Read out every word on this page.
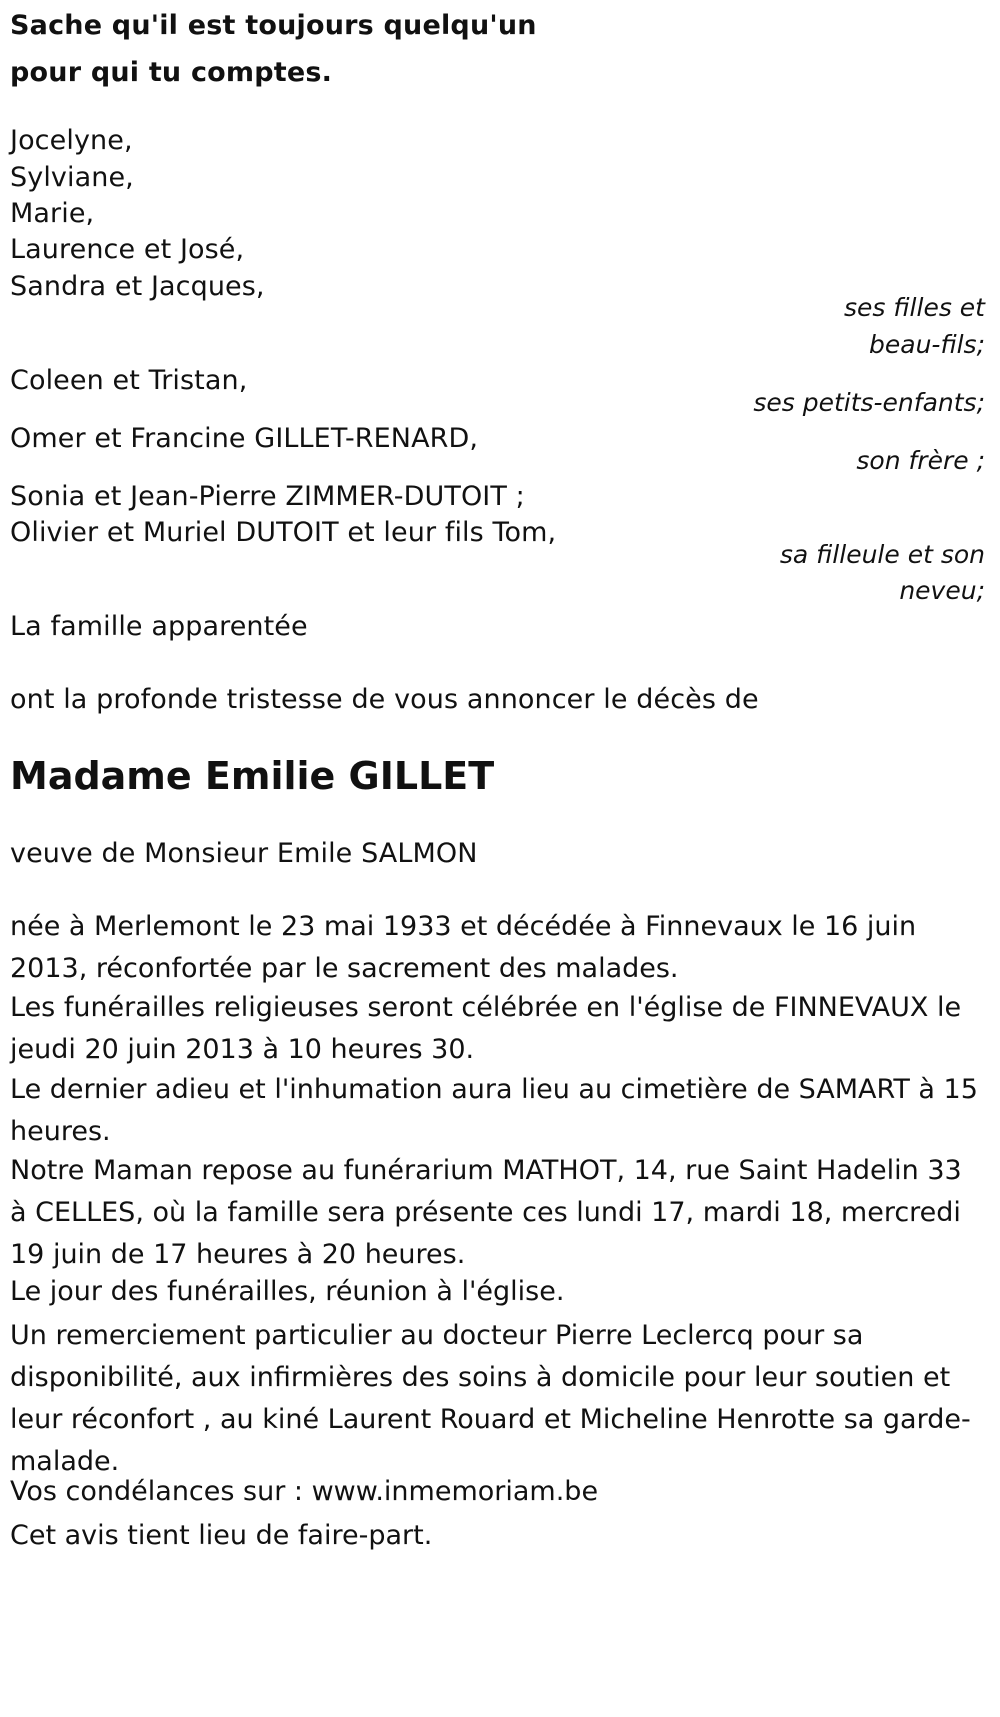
Sache qu'il est toujours quelqu'un
pour qui tu comptes.
Jocelyne,
Sylviane,
Marie,
Laurence et José,
Sandra et Jacques,
ses filles et
beau-fils;
Coleen et Tristan,
ses petits-enfants;
Omer et Francine GILLET-RENARD,
son frère ;
Sonia et Jean-Pierre ZIMMER-DUTOIT ;
Olivier et Muriel DUTOIT et leur fils Tom,
sa filleule et son
neveu;
La famille apparentée
ont la profonde tristesse de vous annoncer le décès de
Madame Emilie GILLET
veuve de Monsieur Emile SALMON
née à Merlemont le 23 mai 1933 et décédée à Finnevaux le 16 juin 2013, réconfortée par le sacrement des malades.
Les funérailles religieuses seront célébrée en l'église de FINNEVAUX le jeudi 20 juin 2013 à 10 heures 30.
Le dernier adieu et l'inhumation aura lieu au cimetière de SAMART à 15 heures.
Notre Maman repose au funérarium MATHOT, 14, rue Saint Hadelin 33 à CELLES, où la famille sera présente ces lundi 17, mardi 18, mercredi 19 juin de 17 heures à 20 heures.
Le jour des funérailles, réunion à l'église.
Un remerciement particulier au docteur Pierre Leclercq pour sa disponibilité, aux infirmières des soins à domicile pour leur soutien et leur réconfort , au kiné Laurent Rouard et Micheline Henrotte sa garde-malade.
Vos condélances sur : www.inmemoriam.be
Cet avis tient lieu de faire-part.
